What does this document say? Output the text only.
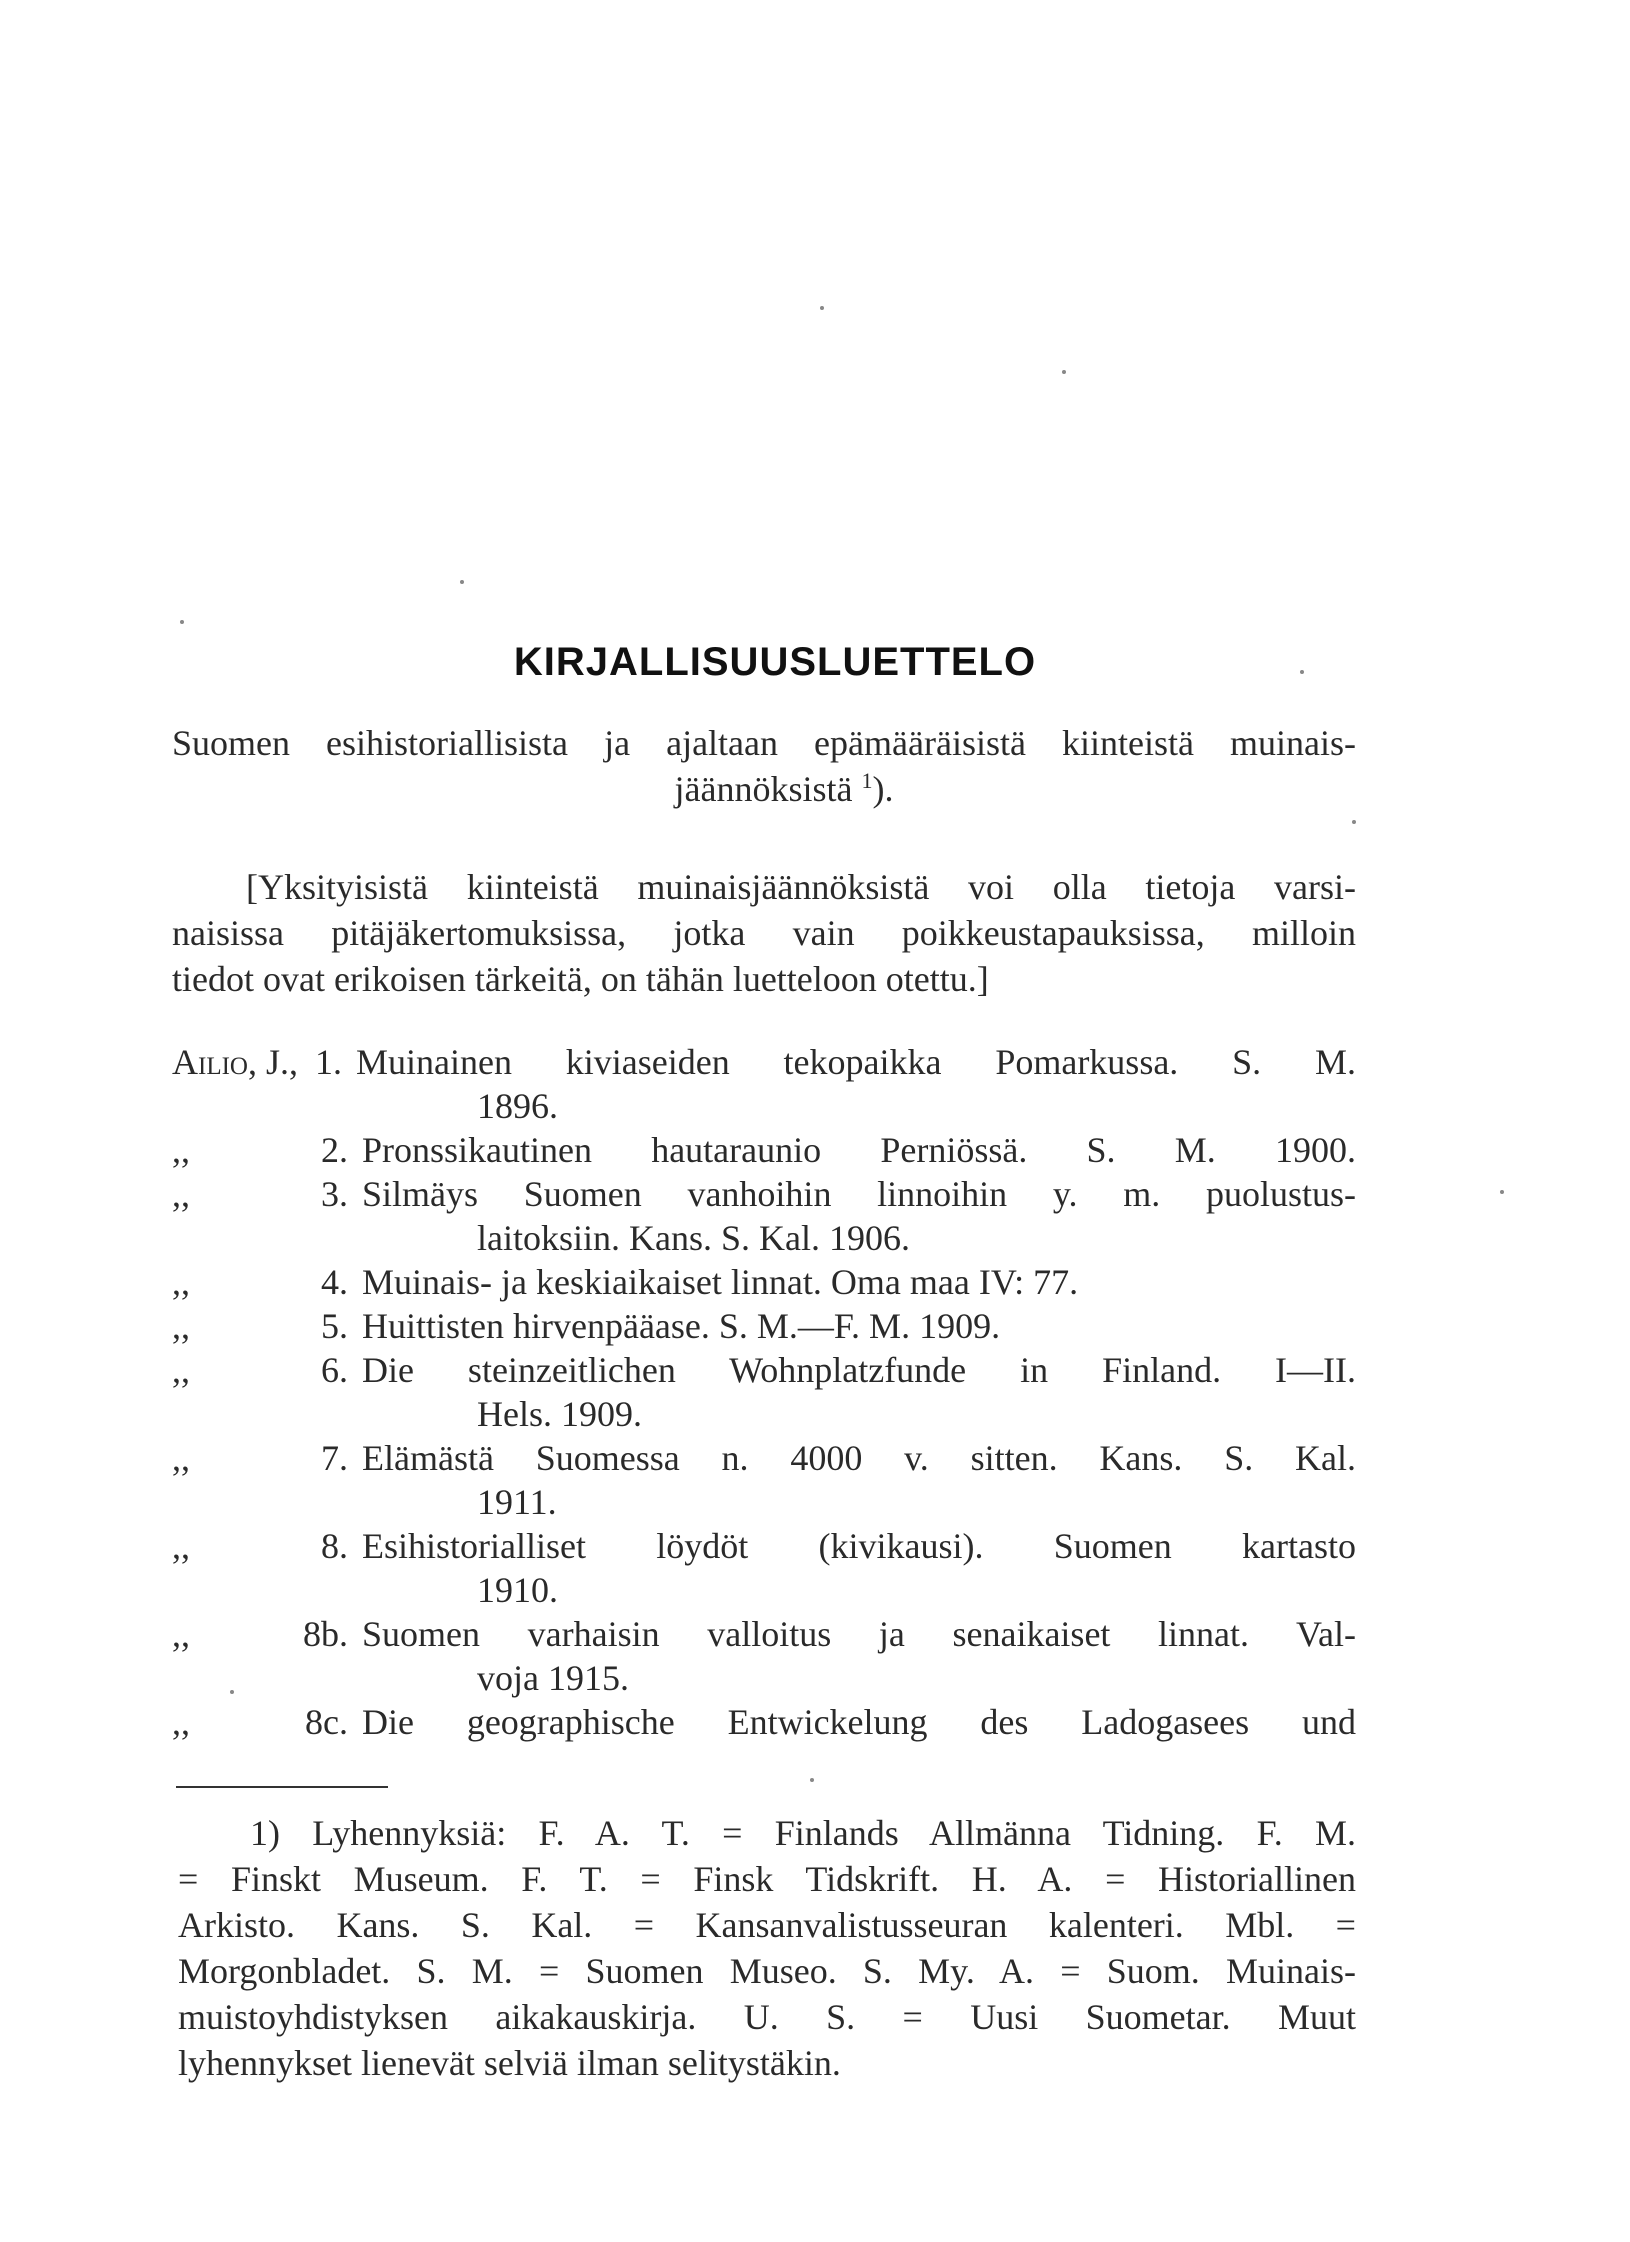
KIRJALLISUUSLUETTELO
Suomen esihistoriallisista ja ajaltaan epämääräisistä kiinteistä muinais-
jäännöksistä $^1$).
[Yksityisistä kiinteistä muinaisjäännöksistä voi olla tietoja varsi-
naisissa pitäjäkertomuksissa, jotka vain poikkeustapauksissa, milloin
tiedot ovat erikoisen tärkeitä, on tähän luetteloon otettu.]
Ailio, J., 1. Muinainen kiviaseiden tekopaikka Pomarkussa. S. M.
1896.
,,	2. Pronssikautinen hautaraunio Perniössä. S. M. 1900.
,,	3. Silmäys Suomen vanhoihin linnoihin y. m. puolustus-
laitoksiin. Kans. S. Kal. 1906.
,,	4. Muinais- ja keskiaikaiset linnat. Oma maa IV: 77.
,,	5. Huittisten hirvenpääase. S. M.—F. M. 1909.
,,	6. Die steinzeitlichen Wohnplatzfunde in Finland. I—II.
Hels. 1909.
,,	7. Elämästä Suomessa n. 4000 v. sitten. Kans. S. Kal.
1911.
,,	8. Esihistorialliset löydöt (kivikausi). Suomen kartasto
1910.
,,	8b. Suomen varhaisin valloitus ja senaikaiset linnat. Val-
voja 1915.
,,	8c. Die geographische Entwickelung des Ladogasees und
1) Lyhennyksiä: F. A. T. = Finlands Allmänna Tidning. F. M.
= Finskt Museum. F. T. = Finsk Tidskrift. H. A. = Historiallinen
Arkisto. Kans. S. Kal. = Kansanvalistusseuran kalenteri. Mbl. =
Morgonbladet. S. M. = Suomen Museo. S. My. A. = Suom. Muinais-
muistoyhdistyksen aikakauskirja. U. S. = Uusi Suometar. Muut
lyhennykset lienevät selviä ilman selitystäkin.
